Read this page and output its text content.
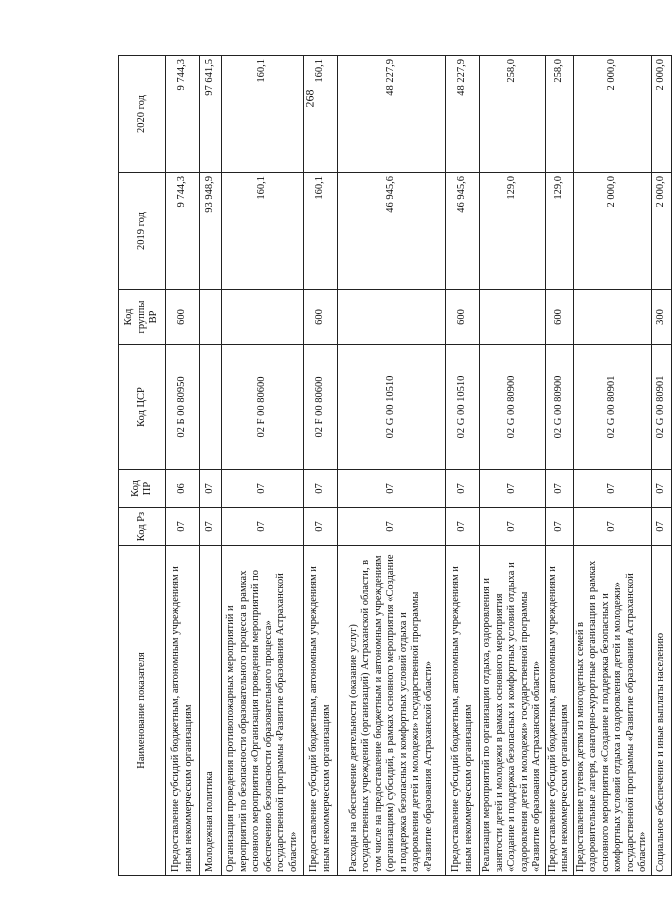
268
Наименование показателя	Код Рз	Код ПР	Код ЦСР	Код группы ВР	2019 год	2020 год
Предоставление субсидий бюджетным, автономным учреждениям и иным некоммерческим организациям	07	06	02 Б 00 80950	600	9 744,3	9 744,3
Молодежная политика	07	07			93 948,9	97 641,5
Организация проведения противопожарных мероприятий и мероприятий по безопасности образовательного процесса в рамках основного мероприятия «Организация проведения мероприятий по обеспечению безопасности образовательного процесса» государственной программы «Развитие образования Астраханской области»	07	07	02 F 00 80600		160,1	160,1
Предоставление субсидий бюджетным, автономным учреждениям и иным некоммерческим организациям	07	07	02 F 00 80600	600	160,1	160,1
Расходы на обеспечение деятельности (оказание услуг) государственных учреждений (организаций) Астраханской области, в том числе на предоставление бюджетным и автономным учреждениям (организациям) субсидий, в рамках основного мероприятия «Создание и поддержка безопасных и комфортных условий отдыха и оздоровления детей и молодежи» государственной программы «Развитие образования Астраханской области»	07	07	02 G 00 10510		46 945,6	48 227,9
Предоставление субсидий бюджетным, автономным учреждениям и иным некоммерческим организациям	07	07	02 G 00 10510	600	46 945,6	48 227,9
Реализация мероприятий по организации отдыха, оздоровления и занятости детей и молодежи в рамках основного мероприятия «Создание и поддержка безопасных и комфортных условий отдыха и оздоровления детей и молодежи» государственной программы «Развитие образования Астраханской области»	07	07	02 G 00 80900		129,0	258,0
Предоставление субсидий бюджетным, автономным учреждениям и иным некоммерческим организациям	07	07	02 G 00 80900	600	129,0	258,0
Предоставление путевок детям из многодетных семей в оздоровительные лагеря, санаторно-курортные организации в рамках основного мероприятия «Создание и поддержка безопасных и комфортных условий отдыха и оздоровления детей и молодежи» государственной программы «Развитие образования Астраханской области»	07	07	02 G 00 80901		2 000,0	2 000,0
Социальное обеспечение и иные выплаты населению	07	07	02 G 00 80901	300	2 000,0	2 000,0
